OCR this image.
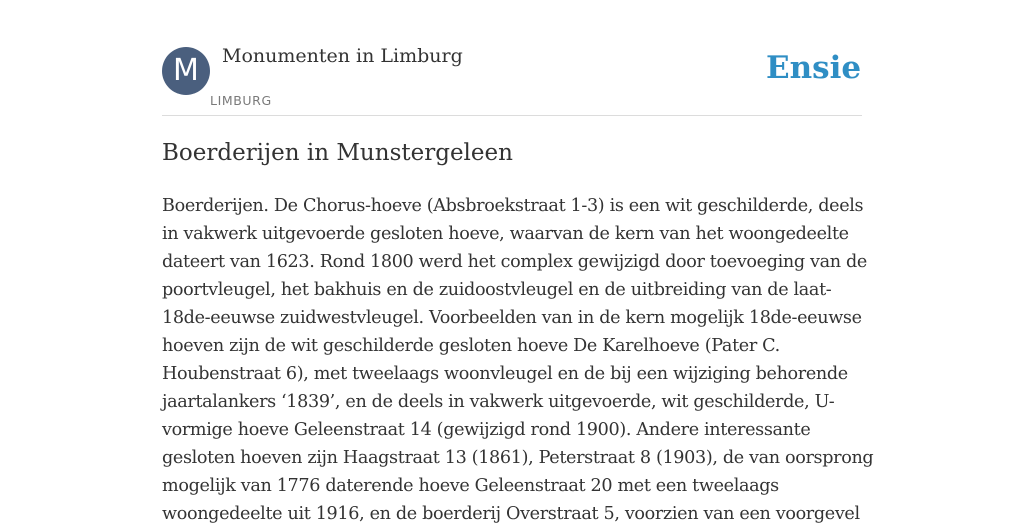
M	Monumenten in Limburg
LIMBURG
Ensie
Boerderijen in Munstergeleen
Boerderijen. De Chorus-hoeve (Absbroekstraat 1-3) is een wit geschilderde, deels
in vakwerk uitgevoerde gesloten hoeve, waarvan de kern van het woongedeelte
dateert van 1623. Rond 1800 werd het complex gewijzigd door toevoeging van de
poortvleugel, het bakhuis en de zuidoostvleugel en de uitbreiding van de laat-
18de-eeuwse zuidwestvleugel. Voorbeelden van in de kern mogelijk 18de-eeuwse
hoeven zijn de wit geschilderde gesloten hoeve De Karelhoeve (Pater C.
Houbenstraat 6), met tweelaags woonvleugel en de bij een wijziging behorende
jaartalankers ‘1839’, en de deels in vakwerk uitgevoerde, wit geschilderde, U-
vormige hoeve Geleenstraat 14 (gewijzigd rond 1900). Andere interessante
gesloten hoeven zijn Haagstraat 13 (1861), Peterstraat 8 (1903), de van oorsprong
mogelijk van 1776 daterende hoeve Geleenstraat 20 met een tweelaags
woongedeelte uit 1916, en de boerderij Overstraat 5, voorzien van een voorgevel
